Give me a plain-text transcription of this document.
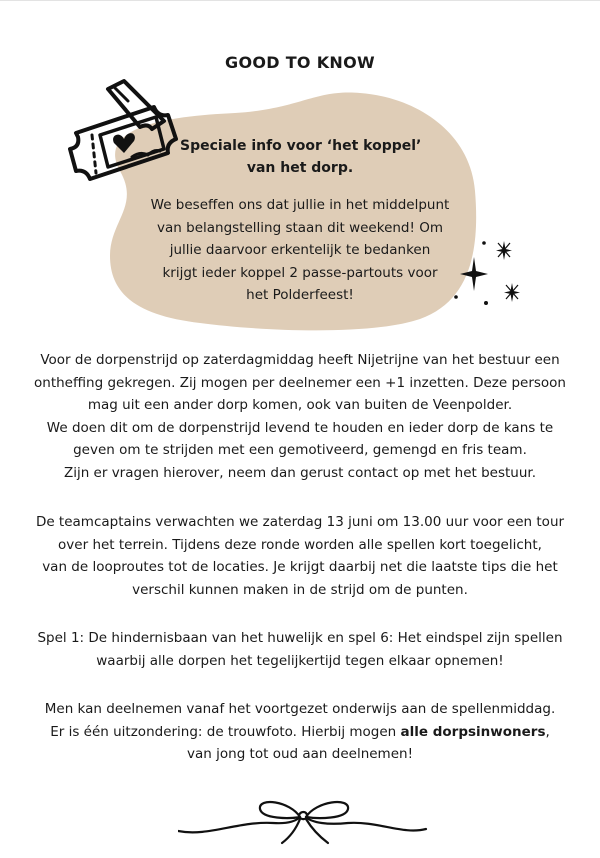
GOOD TO KNOW
Speciale info voor ‘het koppel’
van het dorp.
We beseffen ons dat jullie in het middelpunt
van belangstelling staan dit weekend! Om
jullie daarvoor erkentelijk te bedanken
krijgt ieder koppel 2 passe-partouts voor
het Polderfeest!

Voor de dorpenstrijd op zaterdagmiddag heeft Nijetrijne van het bestuur een
ontheffing gekregen. Zij mogen per deelnemer een +1 inzetten. Deze persoon
mag uit een ander dorp komen, ook van buiten de Veenpolder.
We doen dit om de dorpenstrijd levend te houden en ieder dorp de kans te
geven om te strijden met een gemotiveerd, gemengd en fris team.
Zijn er vragen hierover, neem dan gerust contact op met het bestuur.

De teamcaptains verwachten we zaterdag 13 juni om 13.00 uur voor een tour
over het terrein. Tijdens deze ronde worden alle spellen kort toegelicht,
van de looproutes tot de locaties. Je krijgt daarbij net die laatste tips die het
verschil kunnen maken in de strijd om de punten.

Spel 1: De hindernisbaan van het huwelijk en spel 6: Het eindspel zijn spellen
waarbij alle dorpen het tegelijkertijd tegen elkaar opnemen!

Men kan deelnemen vanaf het voortgezet onderwijs aan de spellenmiddag.
Er is één uitzondering: de trouwfoto. Hierbij mogen alle dorpsinwoners,
van jong tot oud aan deelnemen!
